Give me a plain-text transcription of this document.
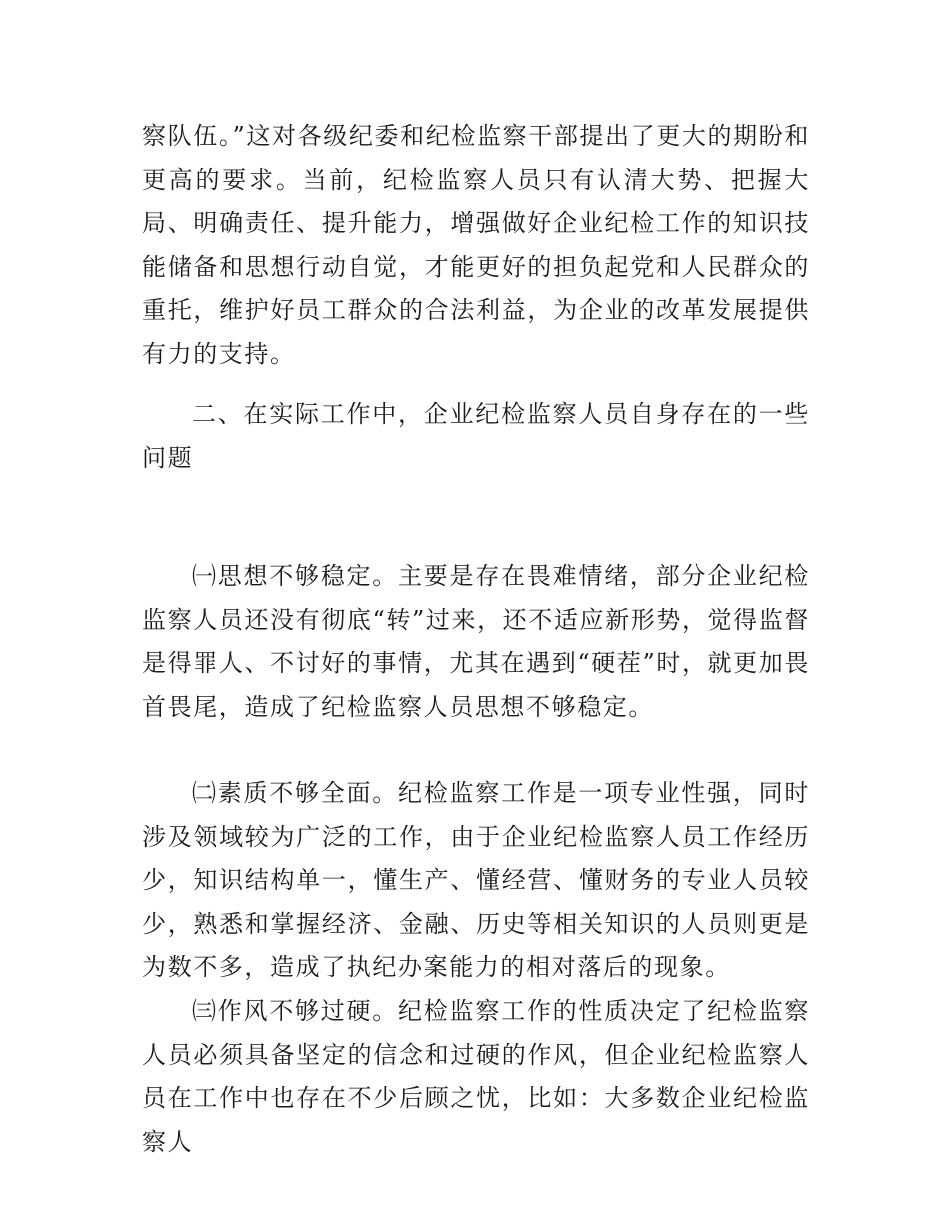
察队伍。”这对各级纪委和纪检监察干部提出了更大的期盼和更高的要求。当前，纪检监察人员只有认清大势、把握大局、明确责任、提升能力，增强做好企业纪检工作的知识技能储备和思想行动自觉，才能更好的担负起党和人民群众的重托，维护好员工群众的合法利益，为企业的改革发展提供有力的支持。

二、在实际工作中，企业纪检监察人员自身存在的一些问题

㈠思想不够稳定。主要是存在畏难情绪，部分企业纪检监察人员还没有彻底“转”过来，还不适应新形势，觉得监督是得罪人、不讨好的事情，尤其在遇到“硬茬”时，就更加畏首畏尾，造成了纪检监察人员思想不够稳定。

㈡素质不够全面。纪检监察工作是一项专业性强，同时涉及领域较为广泛的工作，由于企业纪检监察人员工作经历少，知识结构单一，懂生产、懂经营、懂财务的专业人员较少，熟悉和掌握经济、金融、历史等相关知识的人员则更是为数不多，造成了执纪办案能力的相对落后的现象。

㈢作风不够过硬。纪检监察工作的性质决定了纪检监察人员必须具备坚定的信念和过硬的作风，但企业纪检监察人员在工作中也存在不少后顾之忧，比如：大多数企业纪检监察人
